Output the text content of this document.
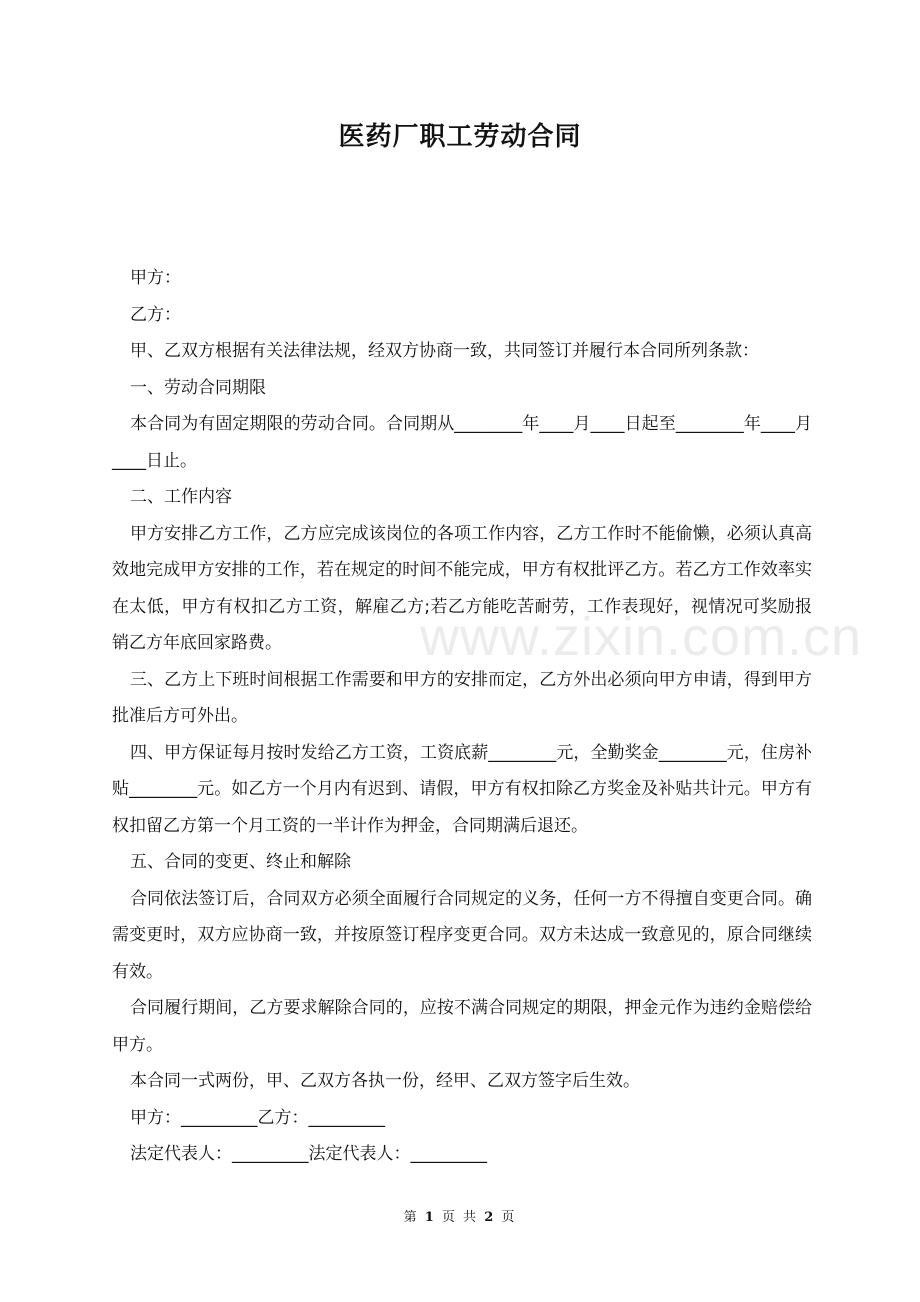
医药厂职工劳动合同
www.zixin.com.cn

甲方：

乙方：

甲、乙双方根据有关法律法规，经双方协商一致，共同签订并履行本合同所列条款：

一、劳动合同期限

本合同为有固定期限的劳动合同。合同期从________年____月____日起至________年____月____日止。

二、工作内容

甲方安排乙方工作，乙方应完成该岗位的各项工作内容，乙方工作时不能偷懒，必须认真高效地完成甲方安排的工作，若在规定的时间不能完成，甲方有权批评乙方。若乙方工作效率实在太低，甲方有权扣乙方工资，解雇乙方;若乙方能吃苦耐劳，工作表现好，视情况可奖励报销乙方年底回家路费。

三、乙方上下班时间根据工作需要和甲方的安排而定，乙方外出必须向甲方申请，得到甲方批准后方可外出。

四、甲方保证每月按时发给乙方工资，工资底薪________元，全勤奖金________元，住房补贴________元。如乙方一个月内有迟到、请假，甲方有权扣除乙方奖金及补贴共计元。甲方有权扣留乙方第一个月工资的一半计作为押金，合同期满后退还。

五、合同的变更、终止和解除

合同依法签订后，合同双方必须全面履行合同规定的义务，任何一方不得擅自变更合同。确需变更时，双方应协商一致，并按原签订程序变更合同。双方未达成一致意见的，原合同继续有效。

合同履行期间，乙方要求解除合同的，应按不满合同规定的期限，押金元作为违约金赔偿给甲方。

本合同一式两份，甲、乙双方各执一份，经甲、乙双方签字后生效。

甲方：_________乙方：_________

法定代表人：_________法定代表人：_________

第 1 页 共 2 页
